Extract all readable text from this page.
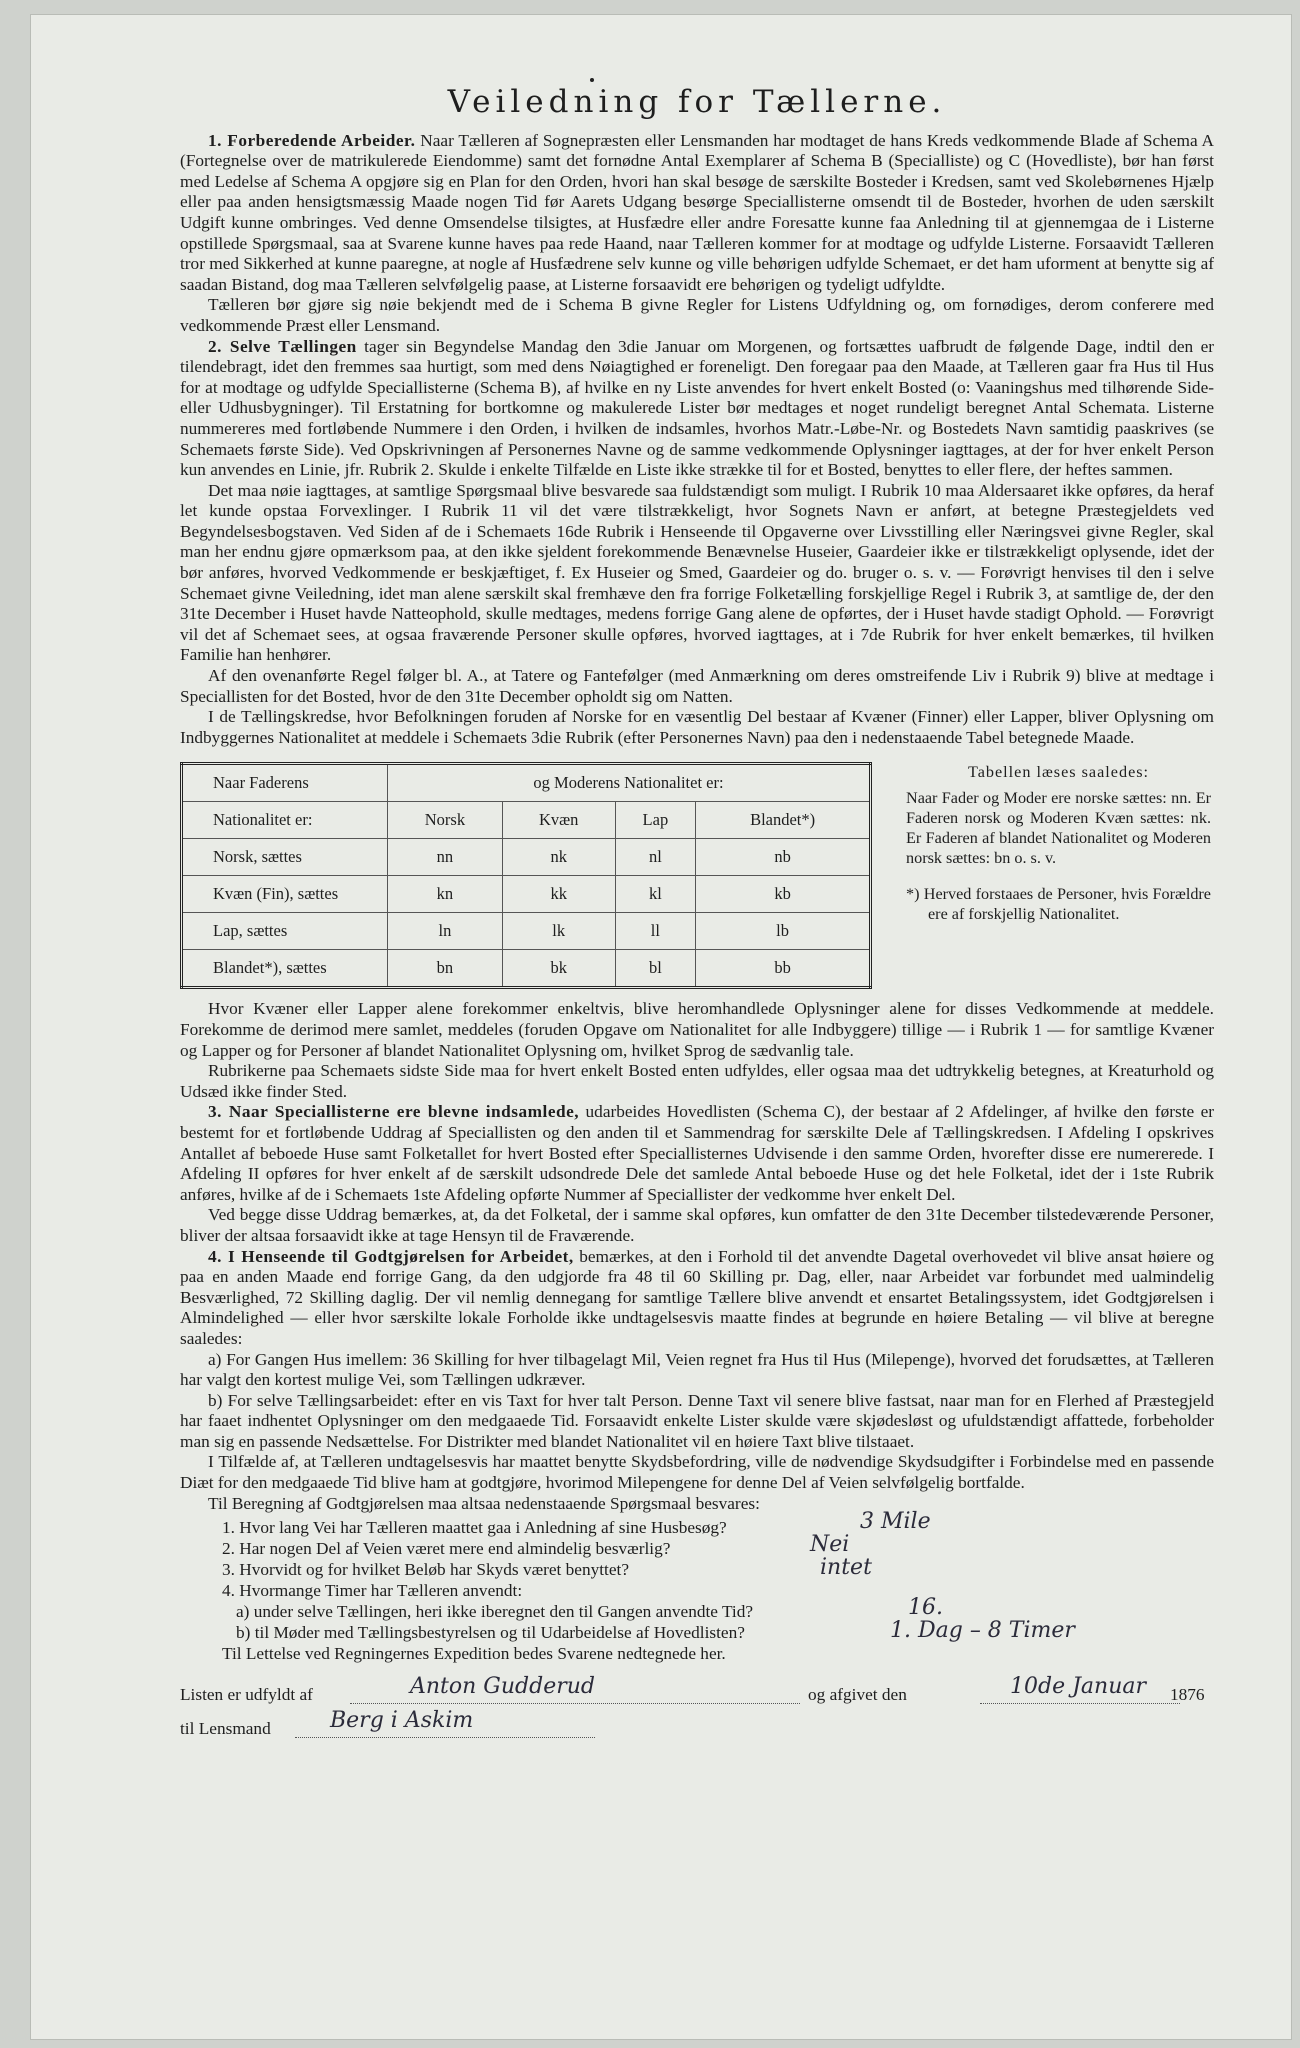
Veiledning for Tællerne.

1. Forberedende Arbeider. Naar Tælleren af Sognepræsten eller Lensmanden har modtaget de hans Kreds vedkommende Blade af Schema A (Fortegnelse over de matrikulerede Eiendomme) samt det fornødne Antal Exemplarer af Schema B (Specialliste) og C (Hovedliste), bør han først med Ledelse af Schema A opgjøre sig en Plan for den Orden, hvori han skal besøge de særskilte Bosteder i Kredsen, samt ved Skolebørnenes Hjælp eller paa anden hensigtsmæssig Maade nogen Tid før Aarets Udgang besørge Speciallisterne omsendt til de Bosteder, hvorhen de uden særskilt Udgift kunne ombringes. Ved denne Omsendelse tilsigtes, at Husfædre eller andre Foresatte kunne faa Anledning til at gjennemgaa de i Listerne opstillede Spørgsmaal, saa at Svarene kunne haves paa rede Haand, naar Tælleren kommer for at modtage og udfylde Listerne. Forsaavidt Tælleren tror med Sikkerhed at kunne paaregne, at nogle af Husfædrene selv kunne og ville behørigen udfylde Schemaet, er det ham uforment at benytte sig af saadan Bistand, dog maa Tælleren selvfølgelig paase, at Listerne forsaavidt ere behørigen og tydeligt udfyldte.

Tælleren bør gjøre sig nøie bekjendt med de i Schema B givne Regler for Listens Udfyldning og, om fornødiges, derom conferere med vedkommende Præst eller Lensmand.

2. Selve Tællingen tager sin Begyndelse Mandag den 3die Januar om Morgenen, og fortsættes uafbrudt de følgende Dage, indtil den er tilendebragt, idet den fremmes saa hurtigt, som med dens Nøiagtighed er foreneligt. Den foregaar paa den Maade, at Tælleren gaar fra Hus til Hus for at modtage og udfylde Speciallisterne (Schema B), af hvilke en ny Liste anvendes for hvert enkelt Bosted (o: Vaaningshus med tilhørende Side- eller Udhusbygninger). Til Erstatning for bortkomne og makulerede Lister bør medtages et noget rundeligt beregnet Antal Schemata. Listerne nummereres med fortløbende Nummere i den Orden, i hvilken de indsamles, hvorhos Matr.-Løbe-Nr. og Bostedets Navn samtidig paaskrives (se Schemaets første Side). Ved Opskrivningen af Personernes Navne og de samme vedkommende Oplysninger iagttages, at der for hver enkelt Person kun anvendes en Linie, jfr. Rubrik 2. Skulde i enkelte Tilfælde en Liste ikke strække til for et Bosted, benyttes to eller flere, der heftes sammen.

Det maa nøie iagttages, at samtlige Spørgsmaal blive besvarede saa fuldstændigt som muligt. I Rubrik 10 maa Aldersaaret ikke opføres, da heraf let kunde opstaa Forvexlinger. I Rubrik 11 vil det være tilstrækkeligt, hvor Sognets Navn er anført, at betegne Præstegjeldets ved Begyndelsesbogstaven. Ved Siden af de i Schemaets 16de Rubrik i Henseende til Opgaverne over Livsstilling eller Næringsvei givne Regler, skal man her endnu gjøre opmærksom paa, at den ikke sjeldent forekommende Benævnelse Huseier, Gaardeier ikke er tilstrækkeligt oplysende, idet der bør anføres, hvorved Vedkommende er beskjæftiget, f. Ex Huseier og Smed, Gaardeier og do. bruger o. s. v. — Forøvrigt henvises til den i selve Schemaet givne Veiledning, idet man alene særskilt skal fremhæve den fra forrige Folketælling forskjellige Regel i Rubrik 3, at samtlige de, der den 31te December i Huset havde Natteophold, skulle medtages, medens forrige Gang alene de opførtes, der i Huset havde stadigt Ophold. — Forøvrigt vil det af Schemaet sees, at ogsaa fraværende Personer skulle opføres, hvorved iagttages, at i 7de Rubrik for hver enkelt bemærkes, til hvilken Familie han henhører.

Af den ovenanførte Regel følger bl. A., at Tatere og Fantefølger (med Anmærkning om deres omstreifende Liv i Rubrik 9) blive at medtage i Speciallisten for det Bosted, hvor de den 31te December opholdt sig om Natten.

I de Tællingskredse, hvor Befolkningen foruden af Norske for en væsentlig Del bestaar af Kvæner (Finner) eller Lapper, bliver Oplysning om Indbyggernes Nationalitet at meddele i Schemaets 3die Rubrik (efter Personernes Navn) paa den i nedenstaaende Tabel betegnede Maade.

Naar Faderens	og Moderens Nationalitet er:			
Nationalitet er:	Norsk	Kvæn	Lap	Blandet*)
Norsk, sættes	nn	nk	nl	nb
Kvæn (Fin), sættes	kn	kk	kl	kb
Lap, sættes	ln	lk	ll	lb
Blandet*), sættes	bn	bk	bl	bb
Tabellen læses saaledes:
Naar Fader og Moder ere norske sættes: nn. Er Faderen norsk og Moderen Kvæn sættes: nk. Er Faderen af blandet Nationalitet og Moderen norsk sættes: bn o. s. v.
*) Herved forstaaes de Personer, hvis Forældre ere af forskjellig Nationalitet.

Hvor Kvæner eller Lapper alene forekommer enkeltvis, blive heromhandlede Oplysninger alene for disses Vedkommende at meddele. Forekomme de derimod mere samlet, meddeles (foruden Opgave om Nationalitet for alle Indbyggere) tillige — i Rubrik 1 — for samtlige Kvæner og Lapper og for Personer af blandet Nationalitet Oplysning om, hvilket Sprog de sædvanlig tale.

Rubrikerne paa Schemaets sidste Side maa for hvert enkelt Bosted enten udfyldes, eller ogsaa maa det udtrykkelig betegnes, at Kreaturhold og Udsæd ikke finder Sted.

3. Naar Speciallisterne ere blevne indsamlede, udarbeides Hovedlisten (Schema C), der bestaar af 2 Afdelinger, af hvilke den første er bestemt for et fortløbende Uddrag af Speciallisten og den anden til et Sammendrag for særskilte Dele af Tællingskredsen. I Afdeling I opskrives Antallet af beboede Huse samt Folketallet for hvert Bosted efter Speciallisternes Udvisende i den samme Orden, hvorefter disse ere numererede. I Afdeling II opføres for hver enkelt af de særskilt udsondrede Dele det samlede Antal beboede Huse og det hele Folketal, idet der i 1ste Rubrik anføres, hvilke af de i Schemaets 1ste Afdeling opførte Nummer af Speciallister der vedkomme hver enkelt Del.

Ved begge disse Uddrag bemærkes, at, da det Folketal, der i samme skal opføres, kun omfatter de den 31te December tilstedeværende Personer, bliver der altsaa forsaavidt ikke at tage Hensyn til de Fraværende.

4. I Henseende til Godtgjørelsen for Arbeidet, bemærkes, at den i Forhold til det anvendte Dagetal overhovedet vil blive ansat høiere og paa en anden Maade end forrige Gang, da den udgjorde fra 48 til 60 Skilling pr. Dag, eller, naar Arbeidet var forbundet med ualmindelig Besværlighed, 72 Skilling daglig. Der vil nemlig dennegang for samtlige Tællere blive anvendt et ensartet Betalingssystem, idet Godtgjørelsen i Almindelighed — eller hvor særskilte lokale Forholde ikke undtagelsesvis maatte findes at begrunde en høiere Betaling — vil blive at beregne saaledes:

a) For Gangen Hus imellem: 36 Skilling for hver tilbagelagt Mil, Veien regnet fra Hus til Hus (Milepenge), hvorved det forudsættes, at Tælleren har valgt den kortest mulige Vei, som Tællingen udkræver.

b) For selve Tællingsarbeidet: efter en vis Taxt for hver talt Person. Denne Taxt vil senere blive fastsat, naar man for en Flerhed af Præstegjeld har faaet indhentet Oplysninger om den medgaaede Tid. Forsaavidt enkelte Lister skulde være skjødesløst og ufuldstændigt affattede, forbeholder man sig en passende Nedsættelse. For Distrikter med blandet Nationalitet vil en høiere Taxt blive tilstaaet.

I Tilfælde af, at Tælleren undtagelsesvis har maattet benytte Skydsbefordring, ville de nødvendige Skydsudgifter i Forbindelse med en passende Diæt for den medgaaede Tid blive ham at godtgjøre, hvorimod Milepengene for denne Del af Veien selvfølgelig bortfalde.

Til Beregning af Godtgjørelsen maa altsaa nedenstaaende Spørgsmaal besvares:

1. Hvor lang Vei har Tælleren maattet gaa i Anledning af sine Husbesøg?	3 Mile
2. Har nogen Del af Veien været mere end almindelig besværlig?	Nei
3. Hvorvidt og for hvilket Beløb har Skyds været benyttet?	intet
4. Hvormange Timer har Tælleren anvendt:
a) under selve Tællingen, heri ikke iberegnet den til Gangen anvendte Tid?	16.
b) til Møder med Tællingsbestyrelsen og til Udarbeidelse af Hovedlisten?	1. Dag – 8 Timer
Til Lettelse ved Regningernes Expedition bedes Svarene nedtegnede her.
Listen er udfyldt af	Anton Gudderud	og afgivet den	10de Januar 1876
til Lensmand	Berg i Askim
